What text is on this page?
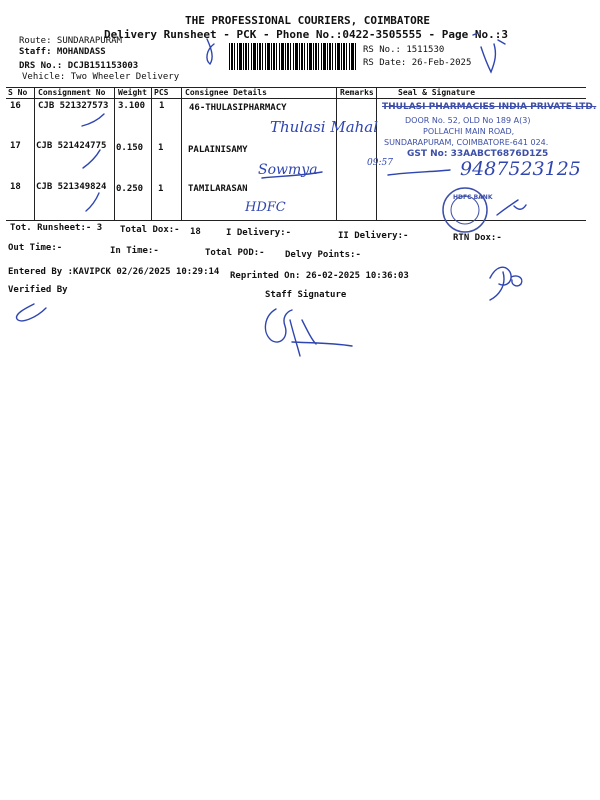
THE PROFESSIONAL COURIERS, COIMBATORE
Delivery Runsheet - PCK - Phone No.:0422-3505555 - Page No.:3
Route: SUNDARAPURAM
Staff: MOHANDASS
DRS No.: DCJB151153003
Vehicle: Two Wheeler Delivery
RS No.: 1511530
RS Date: 26-Feb-2025
S No Consignment No Weight PCS Consignee Details	Remarks	Seal & Signature
16 CJB 521327573 3.100 1	46-THULASIPHARMACY
17 CJB 521424775 0.150 1	PALAINISAMY
18 CJB 521349824 0.250 1	TAMILARASAN
THULASI PHARMACIES INDIA PRIVATE LTD.
DOOR No. 52, OLD No 189 A(3)
POLLACHI MAIN ROAD,
SUNDARAPURAM, COIMBATORE-641 024.
GST No: 33AABCT6876D1Z5
Thulasi Mahal
Sowmya
HDFC
09:57	9487523125
HDFC BANK
Tot. Runsheet:- 3 Total Dox:- 18	I Delivery:-	II Delivery:-	RTN Dox:-
Out Time:-	In Time:-	Total POD:- Delvy Points:-
Entered By :KAVIPCK 02/26/2025 10:29:14 Reprinted On: 26-02-2025 10:36:03
Verified By	Staff Signature
